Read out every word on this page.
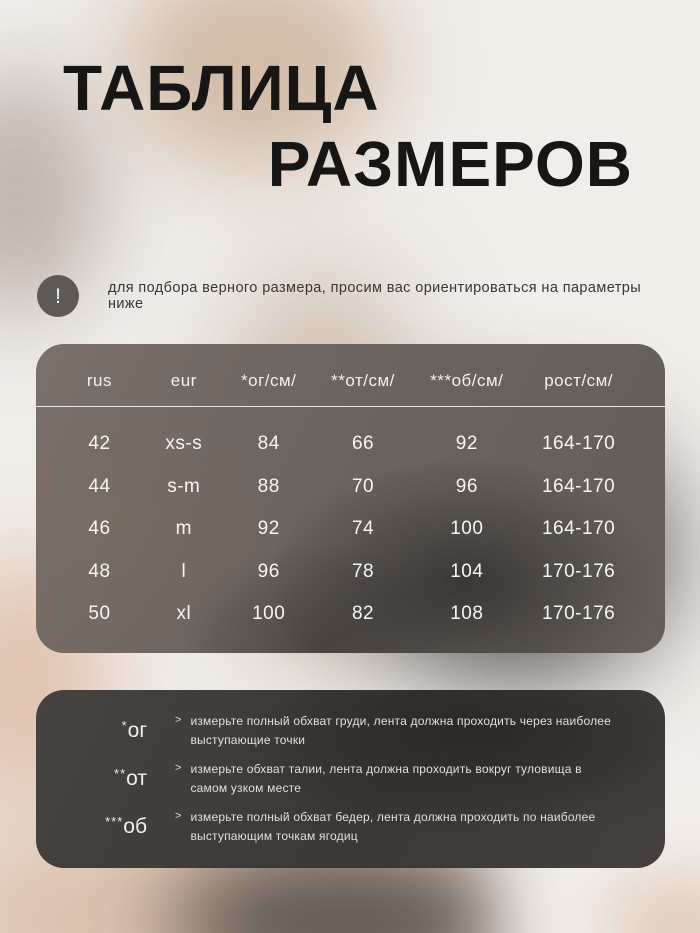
ТАБЛИЦА
РАЗМЕРОВ
!	для подбора верного размера, просим вас ориентироваться на параметры ниже
rus	eur	*ог/см/	**от/см/	***об/см/	рост/см/
42	xs-s	84	66	92	164-170
44	s-m	88	70	96	164-170
46	m	92	74	100	164-170
48	l	96	78	104	170-176
50	xl	100	82	108	170-176
*ог	> измерьте полный обхват груди, лента должна проходить через наиболее выступающие точки
**от	> измерьте обхват талии, лента должна проходить вокруг туловища в самом узком месте
***об	> измерьте полный обхват бедер, лента должна проходить по наиболее выступающим точкам ягодиц
